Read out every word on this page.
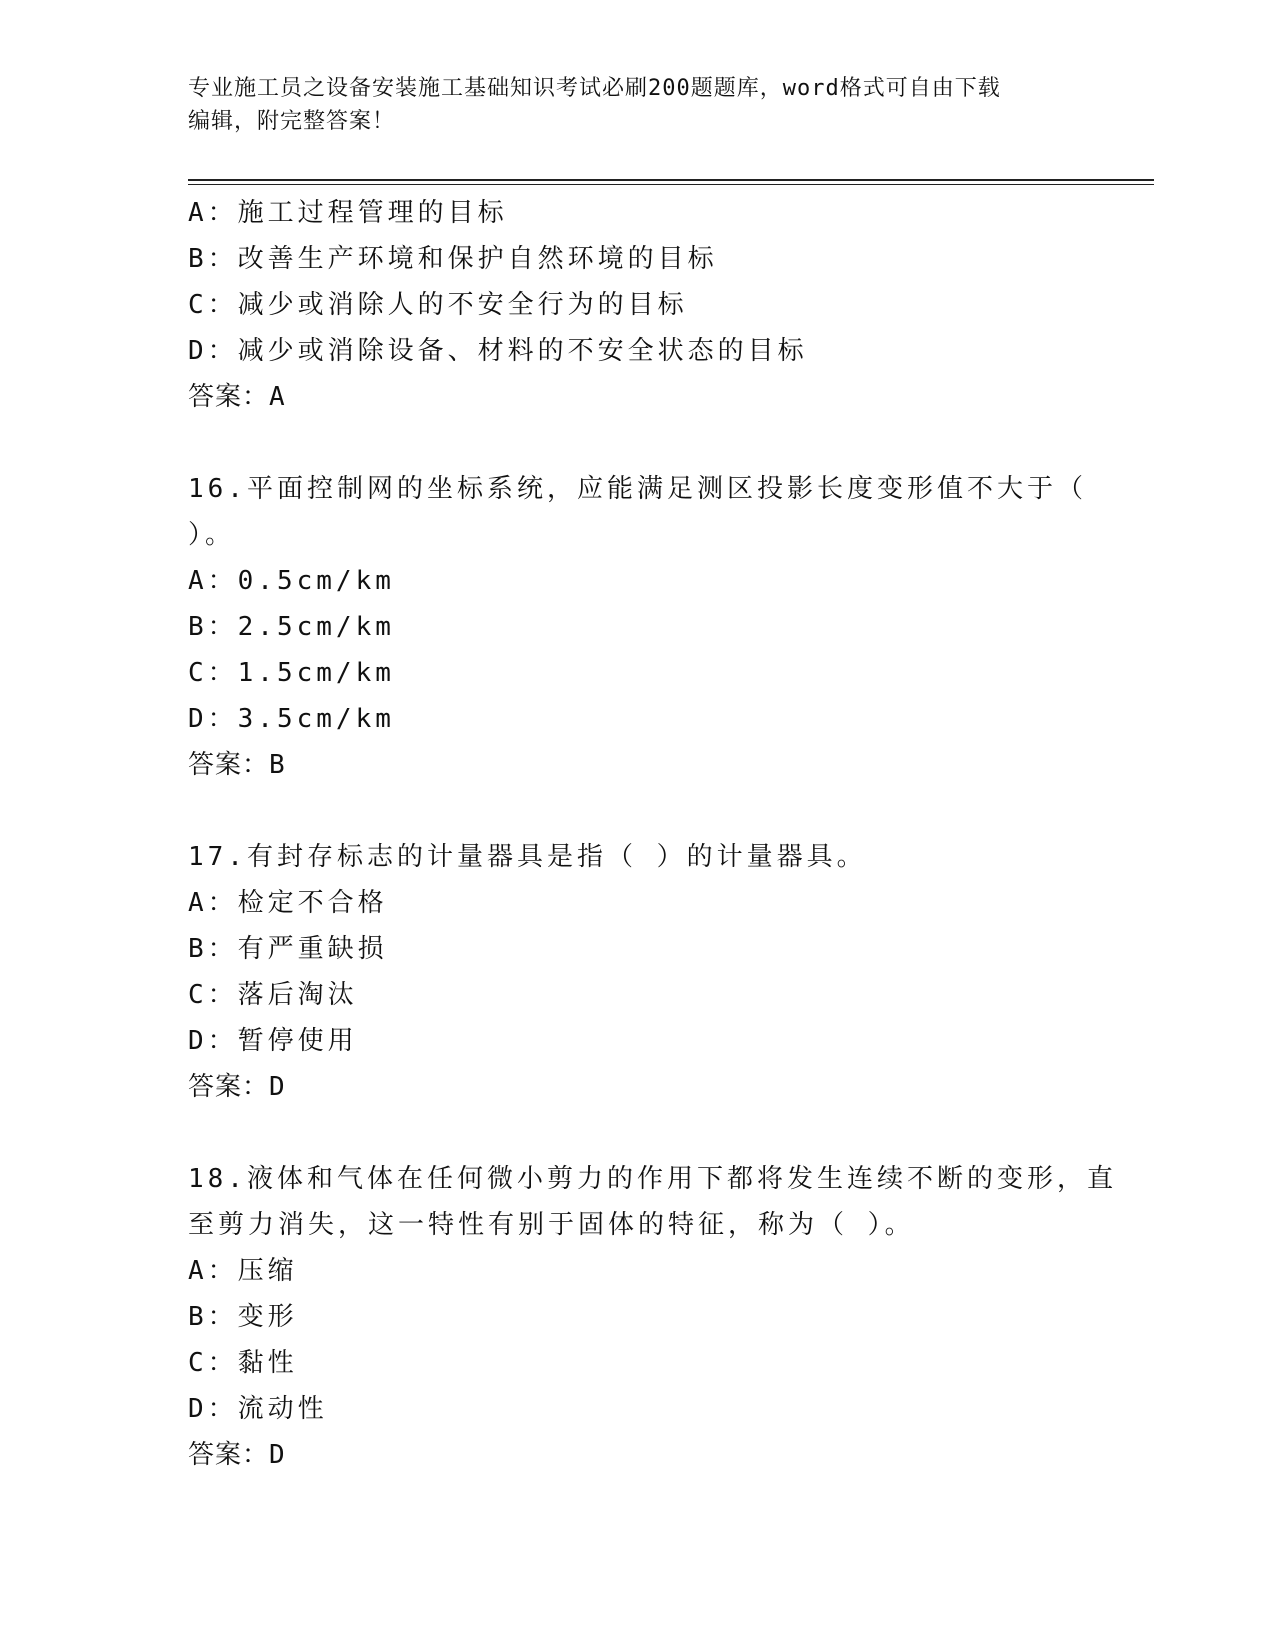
专业施工员之设备安装施工基础知识考试必刷200题题库，word格式可自由下载
编辑，附完整答案！
A：施工过程管理的目标
B：改善生产环境和保护自然环境的目标
C：减少或消除人的不安全行为的目标
D：减少或消除设备、材料的不安全状态的目标
答案：A
16.平面控制网的坐标系统，应能满足测区投影长度变形值不大于（
）。
A：0.5cm/km
B：2.5cm/km
C：1.5cm/km
D：3.5cm/km
答案：B
17.有封存标志的计量器具是指（ ）的计量器具。
A：检定不合格
B：有严重缺损
C：落后淘汰
D：暂停使用
答案：D
18.液体和气体在任何微小剪力的作用下都将发生连续不断的变形，直
至剪力消失，这一特性有别于固体的特征，称为（ ）。
A：压缩
B：变形
C：黏性
D：流动性
答案：D
